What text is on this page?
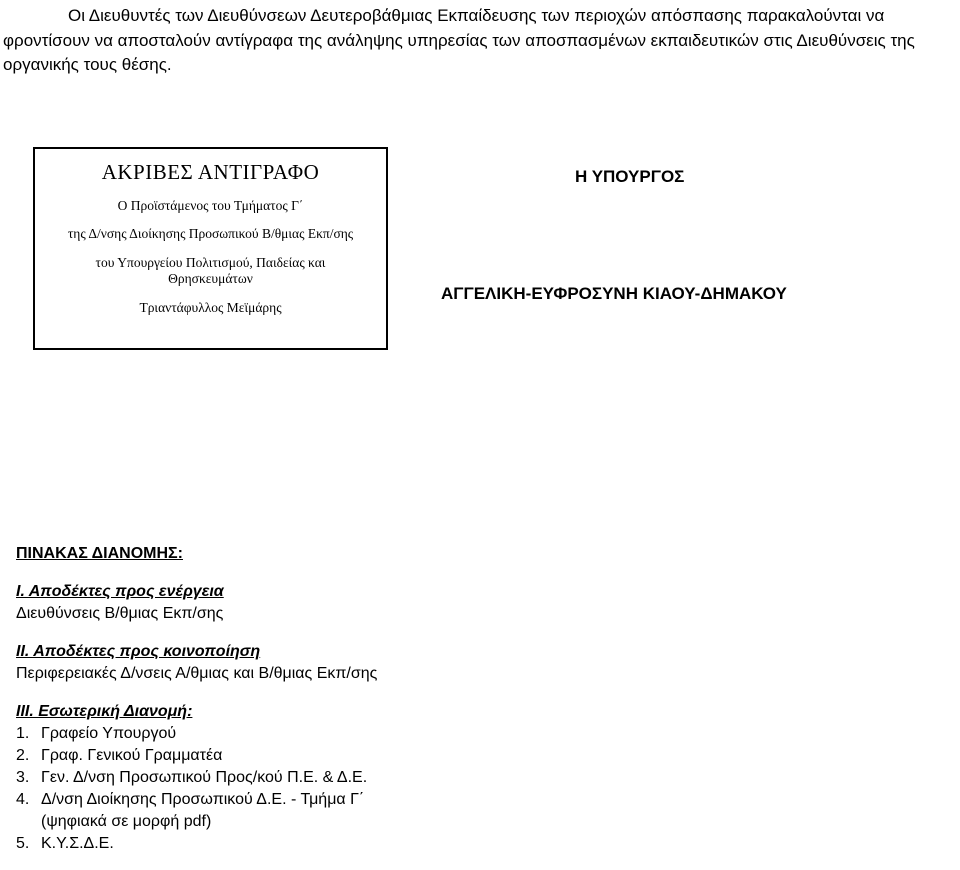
Οι Διευθυντές των Διευθύνσεων Δευτεροβάθμιας Εκπαίδευσης των περιοχών απόσπασης παρακαλούνται να φροντίσουν να αποσταλούν αντίγραφα της ανάληψης υπηρεσίας των αποσπασμένων εκπαιδευτικών στις Διευθύνσεις της οργανικής τους θέσης.

ΑΚΡΙΒΕΣ ΑΝΤΙΓΡΑΦΟ
Ο Προϊστάμενος του Τμήματος Γ΄
της Δ/νσης Διοίκησης Προσωπικού Β/θμιας Εκπ/σης
του Υπουργείου Πολιτισμού, Παιδείας και
Θρησκευμάτων
Τριαντάφυλλος Μεϊμάρης
Η ΥΠΟΥΡΓΟΣ
ΑΓΓΕΛΙΚΗ-ΕΥΦΡΟΣΥΝΗ ΚΙΑΟΥ-ΔΗΜΑΚΟΥ
ΠΙΝΑΚΑΣ ΔΙΑΝΟΜΗΣ:
Ι. Αποδέκτες προς ενέργεια
Διευθύνσεις Β/θμιας Εκπ/σης
ΙΙ. Αποδέκτες προς κοινοποίηση
Περιφερειακές Δ/νσεις Α/θμιας και Β/θμιας Εκπ/σης
ΙΙΙ. Εσωτερική Διανομή:
1. Γραφείο Υπουργού
2. Γραφ. Γενικού Γραμματέα
3. Γεν. Δ/νση Προσωπικού Προς/κού Π.Ε. & Δ.Ε.
4. Δ/νση Διοίκησης Προσωπικού Δ.Ε. - Τμήμα Γ΄
(ψηφιακά σε μορφή pdf)
5. Κ.Υ.Σ.Δ.Ε.
